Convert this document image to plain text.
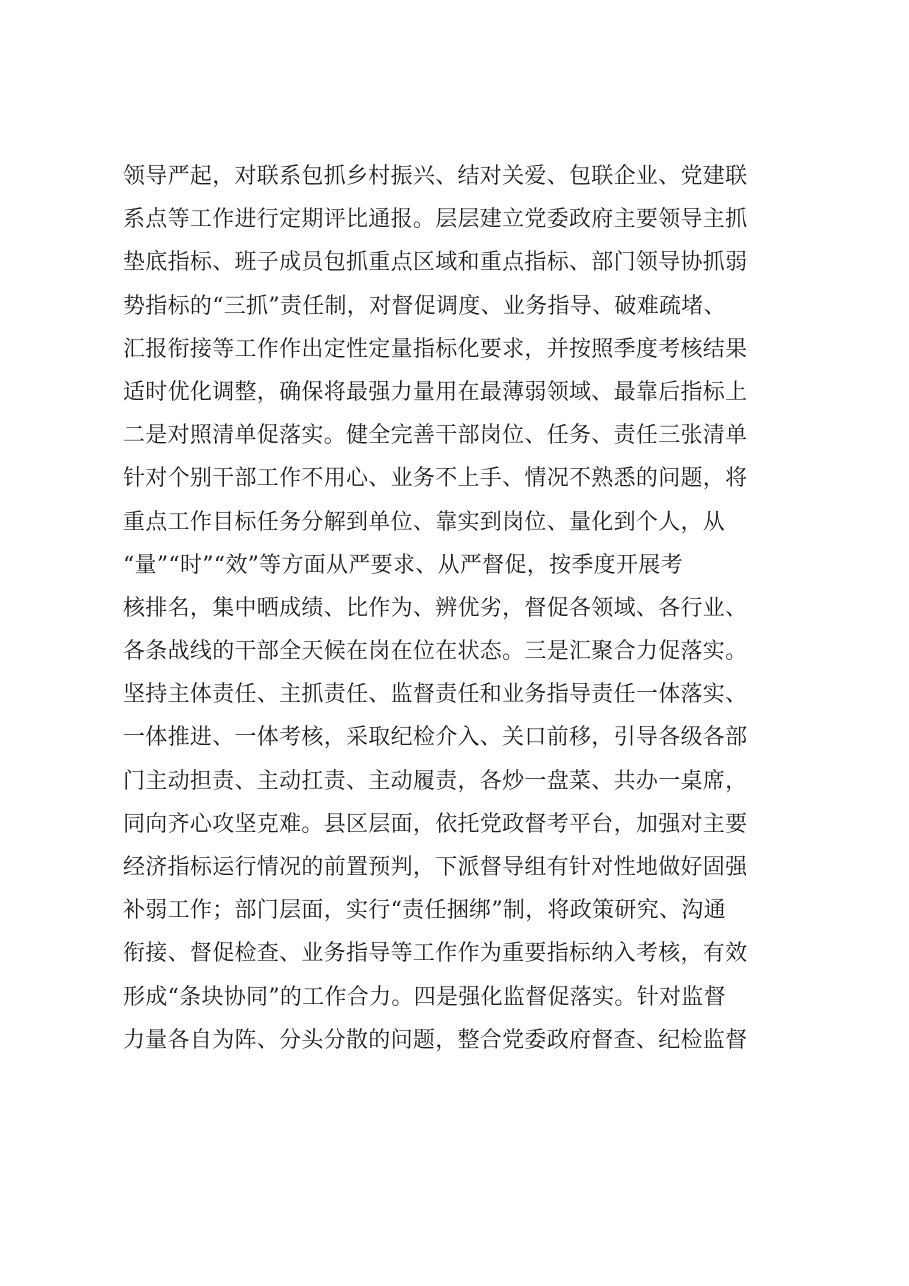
领导严起，对联系包抓乡村振兴、结对关爱、包联企业、党建联
系点等工作进行定期评比通报。层层建立党委政府主要领导主抓
垫底指标、班子成员包抓重点区域和重点指标、部门领导协抓弱
势指标的“三抓”责任制，对督促调度、业务指导、破难疏堵、
汇报衔接等工作作出定性定量指标化要求，并按照季度考核结果
适时优化调整，确保将最强力量用在最薄弱领域、最靠后指标上
二是对照清单促落实。健全完善干部岗位、任务、责任三张清单
针对个别干部工作不用心、业务不上手、情况不熟悉的问题，将
重点工作目标任务分解到单位、靠实到岗位、量化到个人，从
“量”“时”“效”等方面从严要求、从严督促，按季度开展考
核排名，集中晒成绩、比作为、辨优劣，督促各领域、各行业、
各条战线的干部全天候在岗在位在状态。三是汇聚合力促落实。
坚持主体责任、主抓责任、监督责任和业务指导责任一体落实、
一体推进、一体考核，采取纪检介入、关口前移，引导各级各部
门主动担责、主动扛责、主动履责，各炒一盘菜、共办一桌席，
同向齐心攻坚克难。县区层面，依托党政督考平台，加强对主要
经济指标运行情况的前置预判，下派督导组有针对性地做好固强
补弱工作；部门层面，实行“责任捆绑”制，将政策研究、沟通
衔接、督促检查、业务指导等工作作为重要指标纳入考核，有效
形成“条块协同”的工作合力。四是强化监督促落实。针对监督
力量各自为阵、分头分散的问题，整合党委政府督查、纪检监督
